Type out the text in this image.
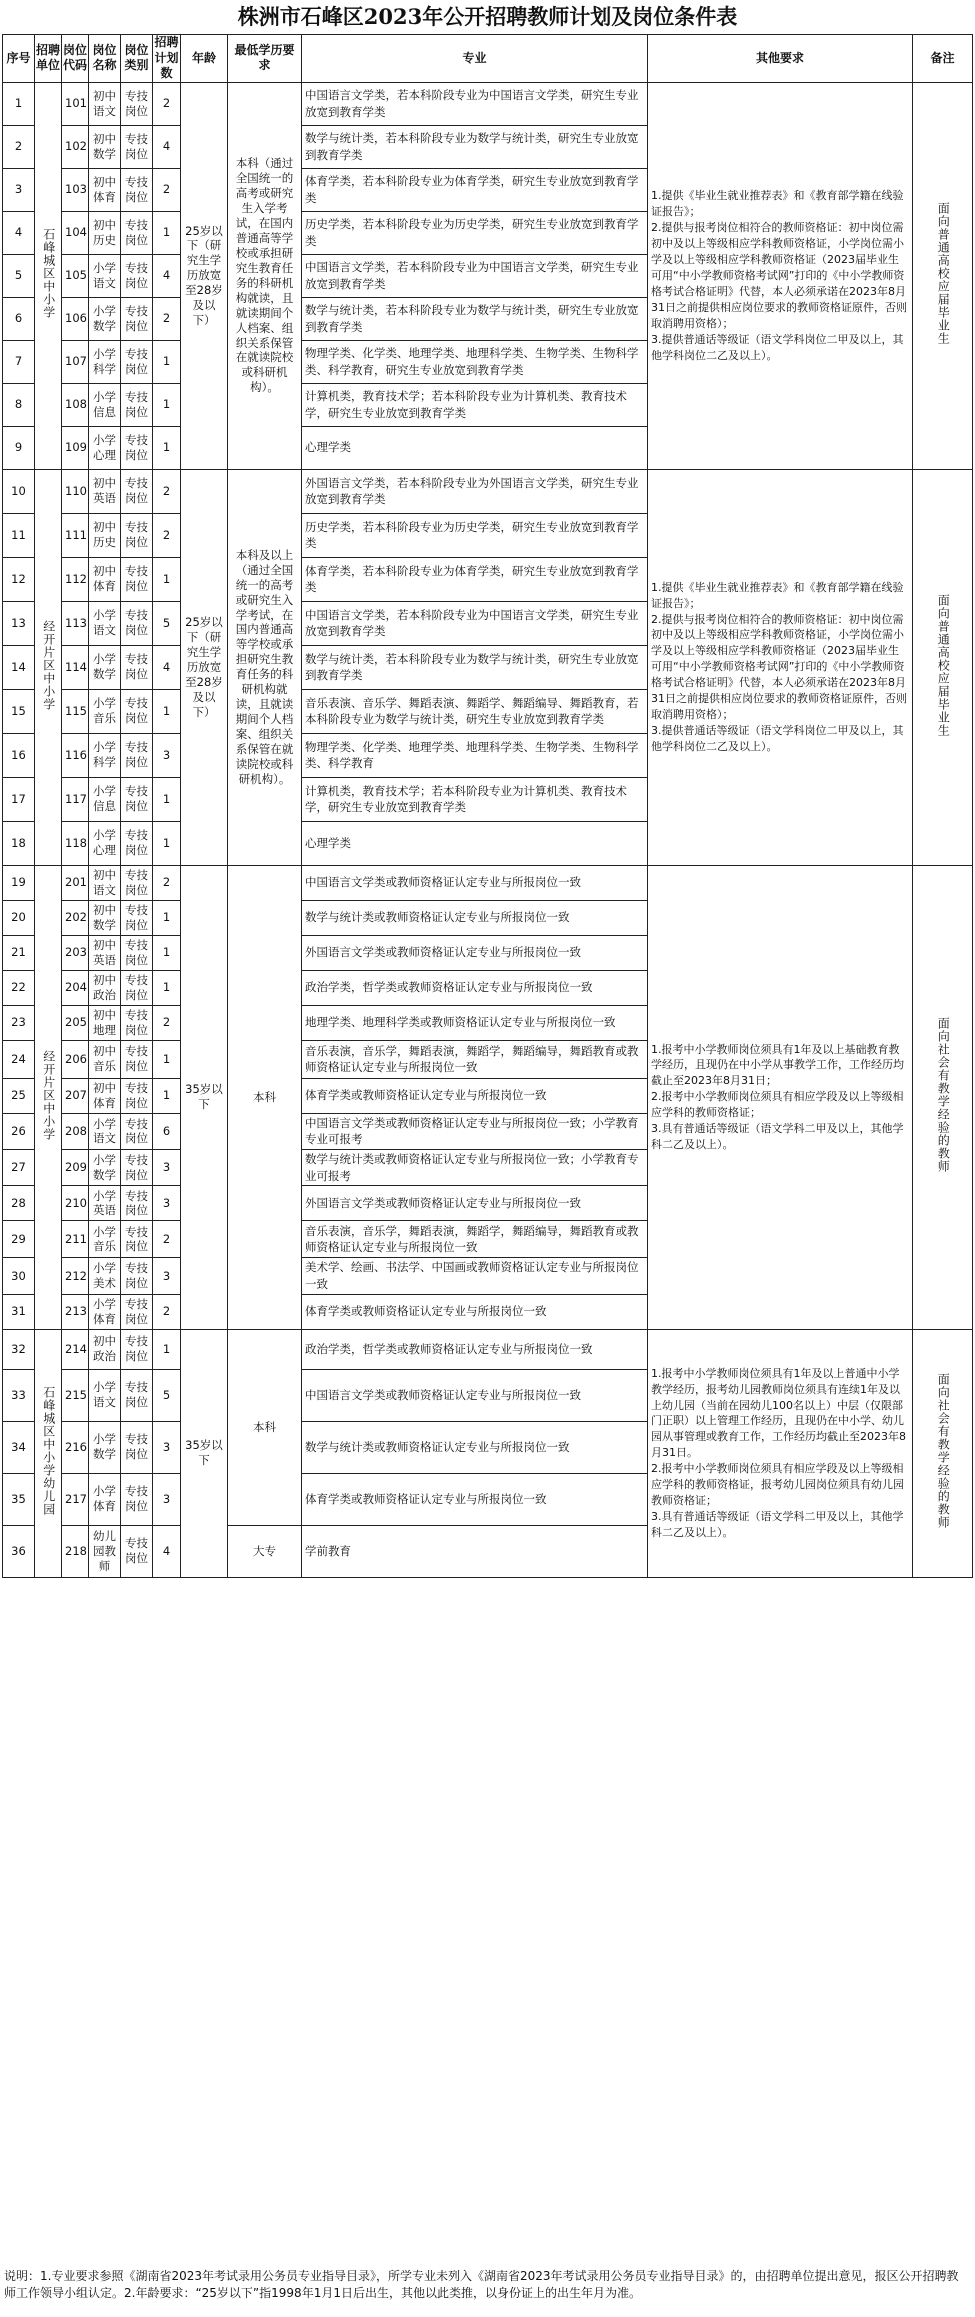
株洲市石峰区2023年公开招聘教师计划及岗位条件表
序号	招聘单位	岗位代码	岗位名称	岗位类别	招聘计划数	年龄	最低学历要求	专业	其他要求	备注
1	石峰城区中小学	101	初中语文	专技岗位	2	25岁以下（研究生学历放宽至28岁及以下）	本科（通过全国统一的高考或研究生入学考试，在国内普通高等学校或承担研究生教育任务的科研机构就读，且就读期间个人档案、组织关系保管在就读院校或科研机构）。	中国语言文学类，若本科阶段专业为中国语言文学类，研究生专业放宽到教育学类	1.提供《毕业生就业推荐表》和《教育部学籍在线验证报告》；
2.提供与报考岗位相符合的教师资格证：初中岗位需初中及以上等级相应学科教师资格证，小学岗位需小学及以上等级相应学科教师资格证（2023届毕业生可用“中小学教师资格考试网”打印的《中小学教师资格考试合格证明》代替，本人必须承诺在2023年8月31日之前提供相应岗位要求的教师资格证原件，否则取消聘用资格）；
3.提供普通话等级证（语文学科岗位二甲及以上，其他学科岗位二乙及以上）。	面向普通高校应届毕业生
2		102	初中数学	专技岗位	4			数学与统计类，若本科阶段专业为数学与统计类，研究生专业放宽到教育学类		
3		103	初中体育	专技岗位	2			体育学类，若本科阶段专业为体育学类，研究生专业放宽到教育学类		
4		104	初中历史	专技岗位	1			历史学类，若本科阶段专业为历史学类，研究生专业放宽到教育学类		
5		105	小学语文	专技岗位	4			中国语言文学类，若本科阶段专业为中国语言文学类，研究生专业放宽到教育学类		
6		106	小学数学	专技岗位	2			数学与统计类，若本科阶段专业为数学与统计类，研究生专业放宽到教育学类		
7		107	小学科学	专技岗位	1			物理学类、化学类、地理学类、地理科学类、生物学类、生物科学类、科学教育，研究生专业放宽到教育学类		
8		108	小学信息	专技岗位	1			计算机类，教育技术学；若本科阶段专业为计算机类、教育技术学，研究生专业放宽到教育学类		
9		109	小学心理	专技岗位	1			心理学类		
10	经开片区中小学	110	初中英语	专技岗位	2	25岁以下（研究生学历放宽至28岁及以下）	本科及以上（通过全国统一的高考或研究生入学考试，在国内普通高等学校或承担研究生教育任务的科研机构就读，且就读期间个人档案、组织关系保管在就读院校或科研机构）。	外国语言文学类，若本科阶段专业为外国语言文学类，研究生专业放宽到教育学类	1.提供《毕业生就业推荐表》和《教育部学籍在线验证报告》；
2.提供与报考岗位相符合的教师资格证：初中岗位需初中及以上等级相应学科教师资格证，小学岗位需小学及以上等级相应学科教师资格证（2023届毕业生可用“中小学教师资格考试网”打印的《中小学教师资格考试合格证明》代替，本人必须承诺在2023年8月31日之前提供相应岗位要求的教师资格证原件，否则取消聘用资格）；
3.提供普通话等级证（语文学科岗位二甲及以上，其他学科岗位二乙及以上）。	面向普通高校应届毕业生
11		111	初中历史	专技岗位	2			历史学类，若本科阶段专业为历史学类，研究生专业放宽到教育学类		
12		112	初中体育	专技岗位	1			体育学类，若本科阶段专业为体育学类，研究生专业放宽到教育学类		
13		113	小学语文	专技岗位	5			中国语言文学类，若本科阶段专业为中国语言文学类，研究生专业放宽到教育学类		
14		114	小学数学	专技岗位	4			数学与统计类，若本科阶段专业为数学与统计类，研究生专业放宽到教育学类		
15		115	小学音乐	专技岗位	1			音乐表演、音乐学、舞蹈表演、舞蹈学、舞蹈编导、舞蹈教育，若本科阶段专业为数学与统计类，研究生专业放宽到教育学类		
16		116	小学科学	专技岗位	3			物理学类、化学类、地理学类、地理科学类、生物学类、生物科学类、科学教育		
17		117	小学信息	专技岗位	1			计算机类，教育技术学；若本科阶段专业为计算机类、教育技术学，研究生专业放宽到教育学类		
18		118	小学心理	专技岗位	1			心理学类		
19	经开片区中小学	201	初中语文	专技岗位	2	35岁以下	本科	中国语言文学类或教师资格证认定专业与所报岗位一致	1.报考中小学教师岗位须具有1年及以上基础教育教学经历，且现仍在中小学从事教学工作，工作经历均截止至2023年8月31日；
2.报考中小学教师岗位须具有相应学段及以上等级相应学科的教师资格证；
3.具有普通话等级证（语文学科二甲及以上，其他学科二乙及以上）。	面向社会有教学经验的教师
20		202	初中数学	专技岗位	1			数学与统计类或教师资格证认定专业与所报岗位一致		
21		203	初中英语	专技岗位	1			外国语言文学类或教师资格证认定专业与所报岗位一致		
22		204	初中政治	专技岗位	1			政治学类，哲学类或教师资格证认定专业与所报岗位一致		
23		205	初中地理	专技岗位	2			地理学类、地理科学类或教师资格证认定专业与所报岗位一致		
24		206	初中音乐	专技岗位	1			音乐表演，音乐学，舞蹈表演，舞蹈学，舞蹈编导，舞蹈教育或教师资格证认定专业与所报岗位一致		
25		207	初中体育	专技岗位	1			体育学类或教师资格证认定专业与所报岗位一致		
26		208	小学语文	专技岗位	6			中国语言文学类或教师资格证认定专业与所报岗位一致；小学教育专业可报考		
27		209	小学数学	专技岗位	3			数学与统计类或教师资格证认定专业与所报岗位一致；小学教育专业可报考		
28		210	小学英语	专技岗位	3			外国语言文学类或教师资格证认定专业与所报岗位一致		
29		211	小学音乐	专技岗位	2			音乐表演，音乐学，舞蹈表演，舞蹈学，舞蹈编导，舞蹈教育或教师资格证认定专业与所报岗位一致		
30		212	小学美术	专技岗位	3			美术学、绘画、书法学、中国画或教师资格证认定专业与所报岗位一致		
31		213	小学体育	专技岗位	2			体育学类或教师资格证认定专业与所报岗位一致		
32	石峰城区中小学幼儿园	214	初中政治	专技岗位	1	35岁以下	本科	政治学类，哲学类或教师资格证认定专业与所报岗位一致	1.报考中小学教师岗位须具有1年及以上普通中小学教学经历，报考幼儿园教师岗位须具有连续1年及以上幼儿园（当前在园幼儿100名以上）中层（仅限部门正职）以上管理工作经历，且现仍在中小学、幼儿园从事管理或教育工作，工作经历均截止至2023年8月31日。
2.报考中小学教师岗位须具有相应学段及以上等级相应学科的教师资格证，报考幼儿园岗位须具有幼儿园教师资格证；
3.具有普通话等级证（语文学科二甲及以上，其他学科二乙及以上）。	面向社会有教学经验的教师
33		215	小学语文	专技岗位	5			中国语言文学类或教师资格证认定专业与所报岗位一致		
34		216	小学数学	专技岗位	3			数学与统计类或教师资格证认定专业与所报岗位一致		
35		217	小学体育	专技岗位	3			体育学类或教师资格证认定专业与所报岗位一致		
36		218	幼儿园教师	专技岗位	4		大专	学前教育		
说明：1.专业要求参照《湖南省2023年考试录用公务员专业指导目录》，所学专业未列入《湖南省2023年考试录用公务员专业指导目录》的，由招聘单位提出意见，报区公开招聘教师工作领导小组认定。2.年龄要求：“25岁以下”指1998年1月1日后出生，其他以此类推，以身份证上的出生年月为准。
